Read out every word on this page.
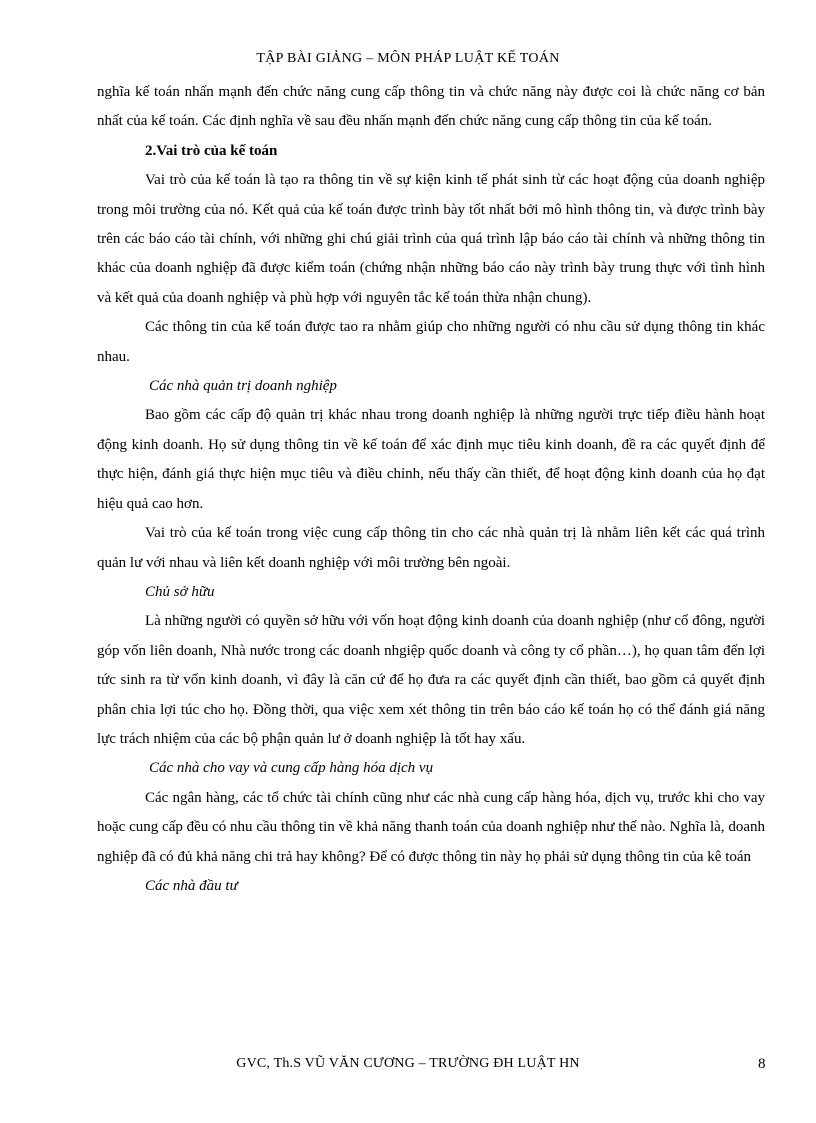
TẬP BÀI GIẢNG – MÔN PHÁP LUẬT KẾ TOÁN

nghĩa kế toán nhấn mạnh đến chức năng cung cấp thông tin và chức năng này được coi là chức năng cơ bản nhất của kế toán. Các định nghĩa về sau đều nhấn mạnh đến chức năng cung cấp thông tin của kế toán.

2.Vai trò của kế toán

Vai trò của kế toán là tạo ra thông tin về sự kiện kinh tế phát sinh từ các hoạt động của doanh nghiệp trong môi trường của nó. Kết quả của kế toán được trình bày tốt nhất bởi mô hình thông tin, và được trình bày trên các báo cáo tài chính, với những ghi chú giải trình của quá trình lập báo cáo tài chính và những thông tin khác của doanh nghiệp đã được kiểm toán (chứng nhận những báo cáo này trình bày trung thực với tình hình và kết quả của doanh nghiệp và phù hợp với nguyên tắc kế toán thừa nhận chung).

Các thông tin của kế toán được tao ra nhằm giúp cho những người có nhu cầu sử dụng thông tin khác nhau.

Các nhà quản trị doanh nghiệp

Bao gồm các cấp độ quản trị khác nhau trong doanh nghiệp là những người trực tiếp điều hành hoạt động kinh doanh. Họ sử dụng thông tin về kế toán để xác định mục tiêu kinh doanh, đề ra các quyết định để thực hiện, đánh giá thực hiện mục tiêu và điều chỉnh, nếu thấy cần thiết, để hoạt động kinh doanh của họ đạt hiệu quả cao hơn.

Vai trò của kế toán trong việc cung cấp thông tin cho các nhà quản trị là nhằm liên kết các quá trình quản lư với nhau và liên kết doanh nghiệp với môi trường bên ngoài.

Chủ sở hữu

Là những người có quyền sở hữu với vốn hoạt động kinh doanh của doanh nghiệp (như cổ đông, người góp vốn liên doanh, Nhà nước trong các doanh nhgiệp quốc doanh và công ty cổ phần…), họ quan tâm đến lợi tức sinh ra từ vốn kinh doanh, vì đây là căn cứ để họ đưa ra các quyết định cần thiết, bao gồm cả quyết định phân chia lợi túc cho họ. Đồng thời, qua việc xem xét thông tin trên báo cáo kế toán họ có thể đánh giá năng lực trách nhiệm của các bộ phận quản lư ở doanh nghiệp là tốt hay xấu.

Các nhà cho vay và cung cấp hàng hóa dịch vụ

Các ngân hàng, các tổ chức tài chính cũng như các nhà cung cấp hàng hóa, dịch vụ, trước khi cho vay hoặc cung cấp đều có nhu cầu thông tin về khả năng thanh toán của doanh nghiệp như thế nào. Nghĩa là, doanh nghiệp đã có đủ khả năng chi trả hay không? Để có được thông tin này họ phải sử dụng thông tin của kê toán

Các nhà đầu tư

GVC, Th.S VŨ VĂN CƯƠNG – TRƯỜNG ĐH LUẬT HN	8
